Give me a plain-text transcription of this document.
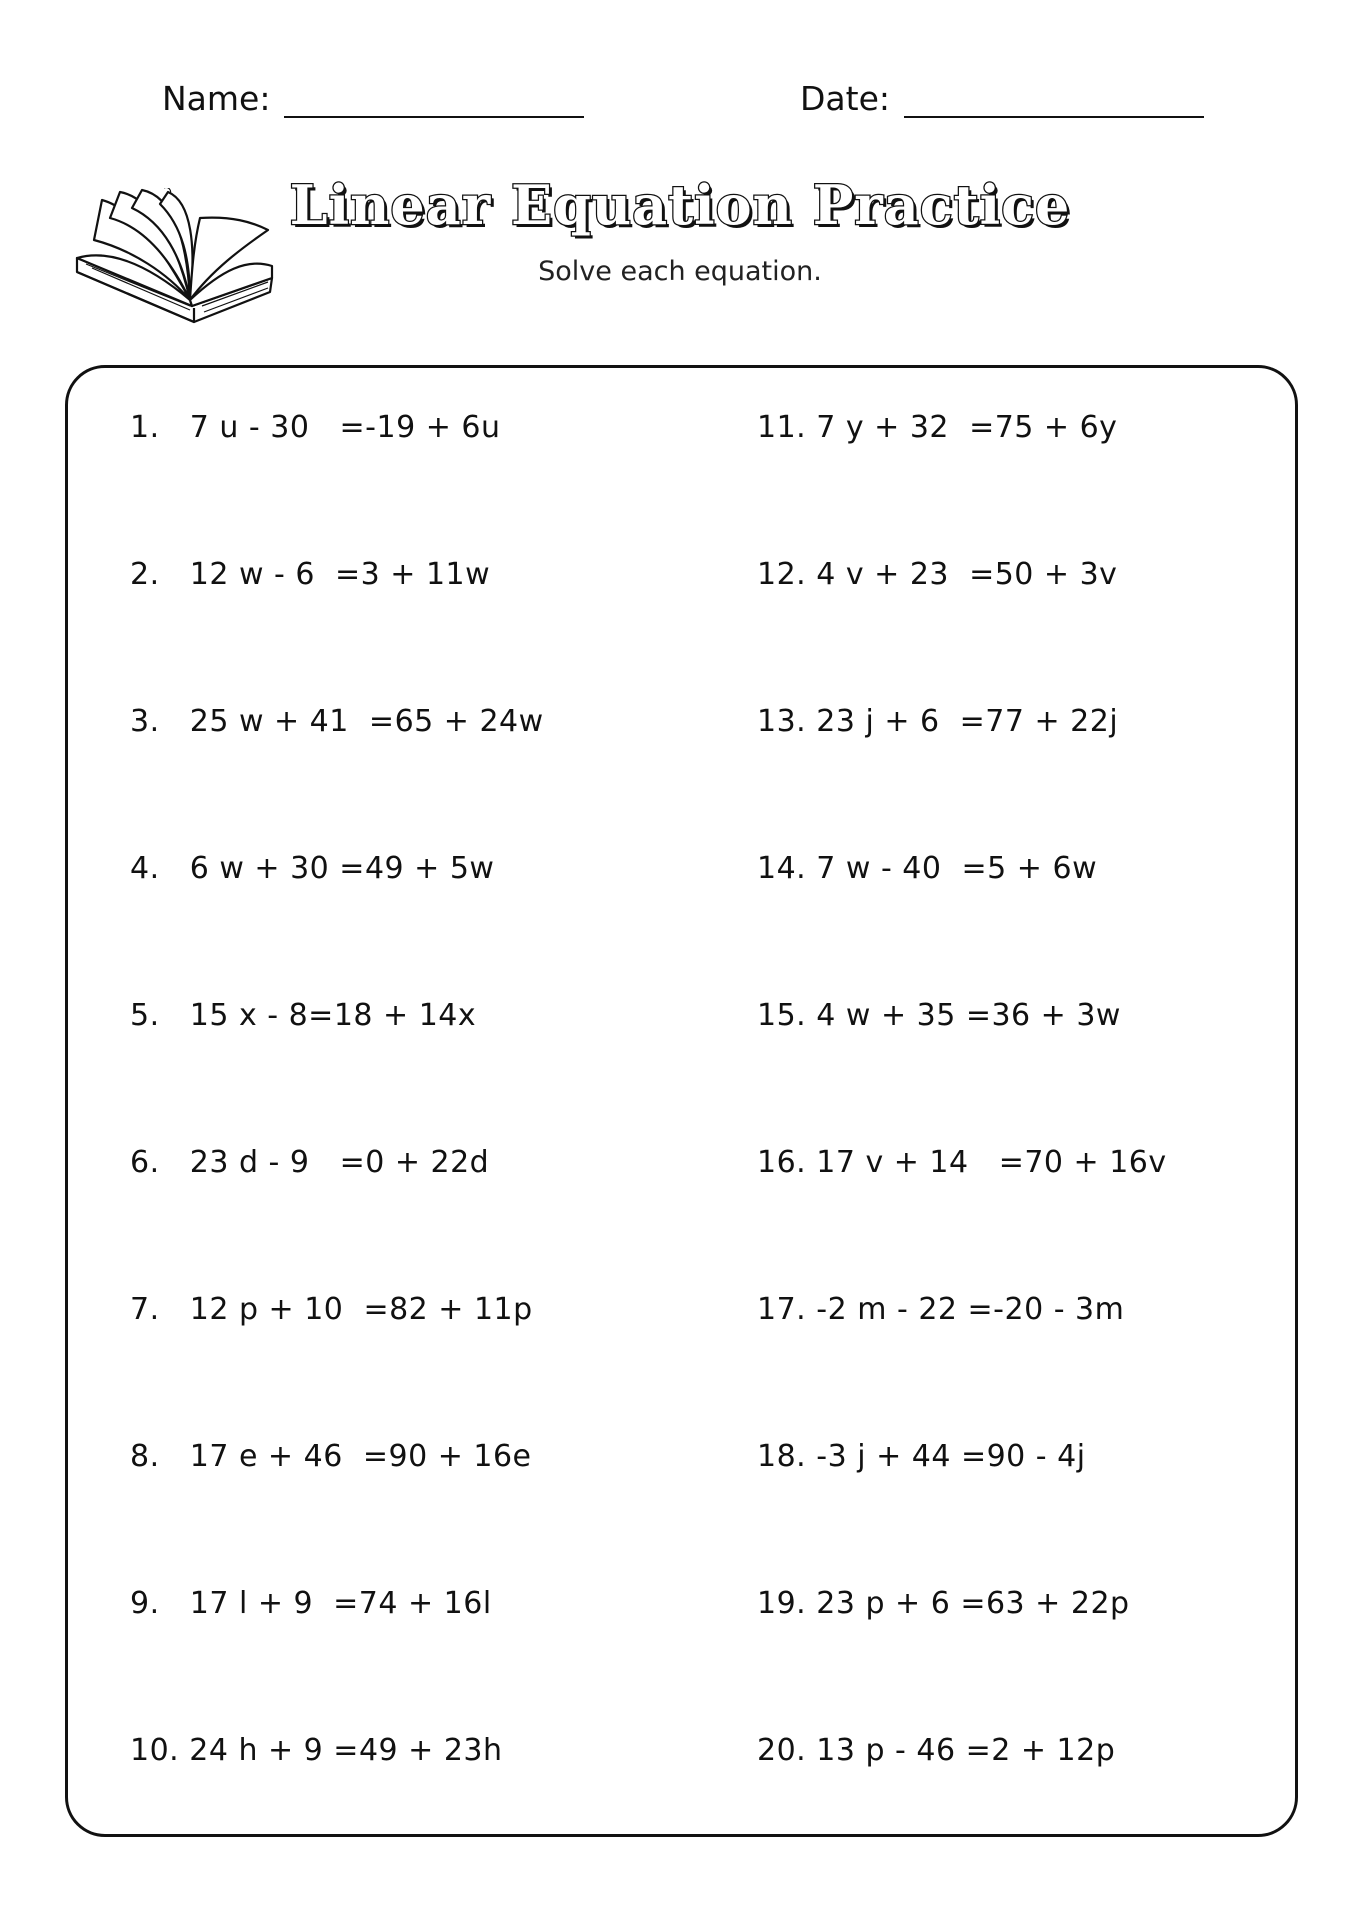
Name:	Date:
Linear Equation Practice
Solve each equation.
1.   7 u - 30   =-19 + 6u
2.   12 w - 6  =3 + 11w
3.   25 w + 41  =65 + 24w
4.   6 w + 30 =49 + 5w
5.   15 x - 8=18 + 14x
6.   23 d - 9   =0 + 22d
7.   12 p + 10  =82 + 11p
8.   17 e + 46  =90 + 16e
9.   17 l + 9  =74 + 16l
10. 24 h + 9 =49 + 23h
11. 7 y + 32  =75 + 6y
12. 4 v + 23  =50 + 3v
13. 23 j + 6  =77 + 22j
14. 7 w - 40  =5 + 6w
15. 4 w + 35 =36 + 3w
16. 17 v + 14   =70 + 16v
17. -2 m - 22 =-20 - 3m
18. -3 j + 44 =90 - 4j
19. 23 p + 6 =63 + 22p
20. 13 p - 46 =2 + 12p
